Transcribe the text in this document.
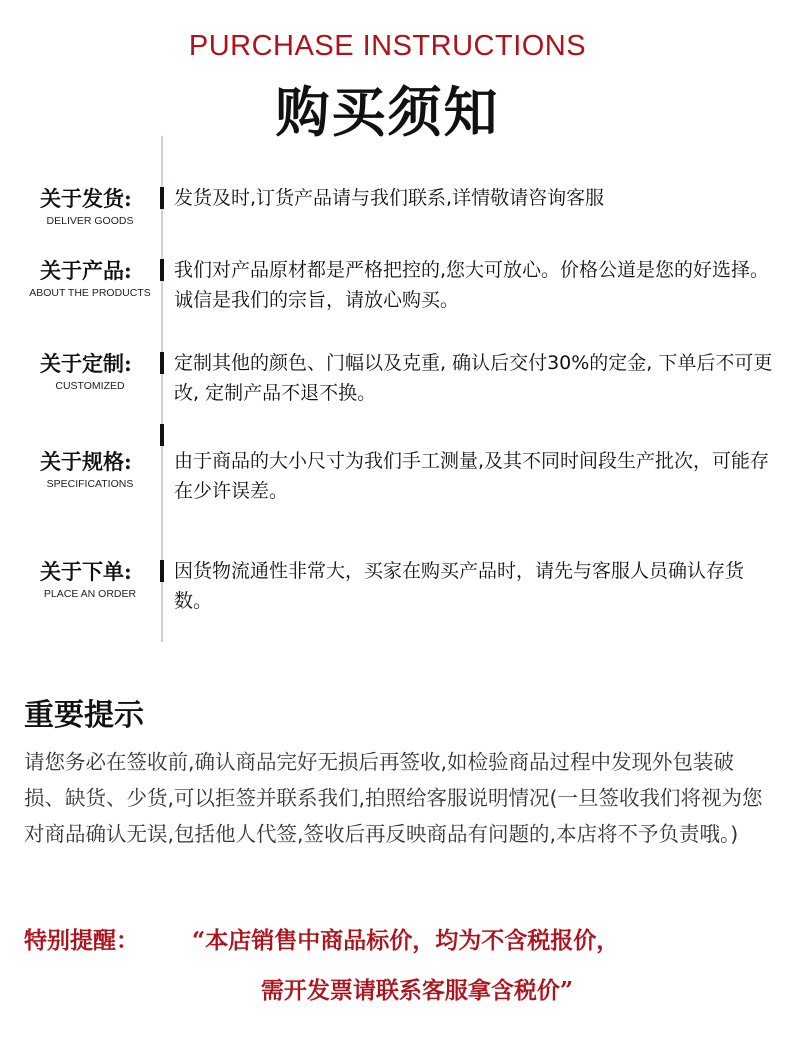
PURCHASE INSTRUCTIONS
购买须知
关于发货:
DELIVER GOODS
发货及时,订货产品请与我们联系,详情敬请咨询客服
关于产品:
ABOUT THE PRODUCTS
我们对产品原材都是严格把控的,您大可放心。价格公道是您的好选择。诚信是我们的宗旨，请放心购买。
关于定制:
CUSTOMIZED
定制其他的颜色、门幅以及克重, 确认后交付30%的定金, 下单后不可更改, 定制产品不退不换。
关于规格:
SPECIFICATIONS
由于商品的大小尺寸为我们手工测量,及其不同时间段生产批次，可能存在少许误差。
关于下单:
PLACE AN ORDER
因货物流通性非常大，买家在购买产品时，请先与客服人员确认存货数。
重要提示
请您务必在签收前,确认商品完好无损后再签收,如检验商品过程中发现外包装破损、缺货、少货,可以拒签并联系我们,拍照给客服说明情况(一旦签收我们将视为您对商品确认无误,包括他人代签,签收后再反映商品有问题的,本店将不予负责哦。)
特别提醒： “本店销售中商品标价，均为不含税报价，
需开发票请联系客服拿含税价”
